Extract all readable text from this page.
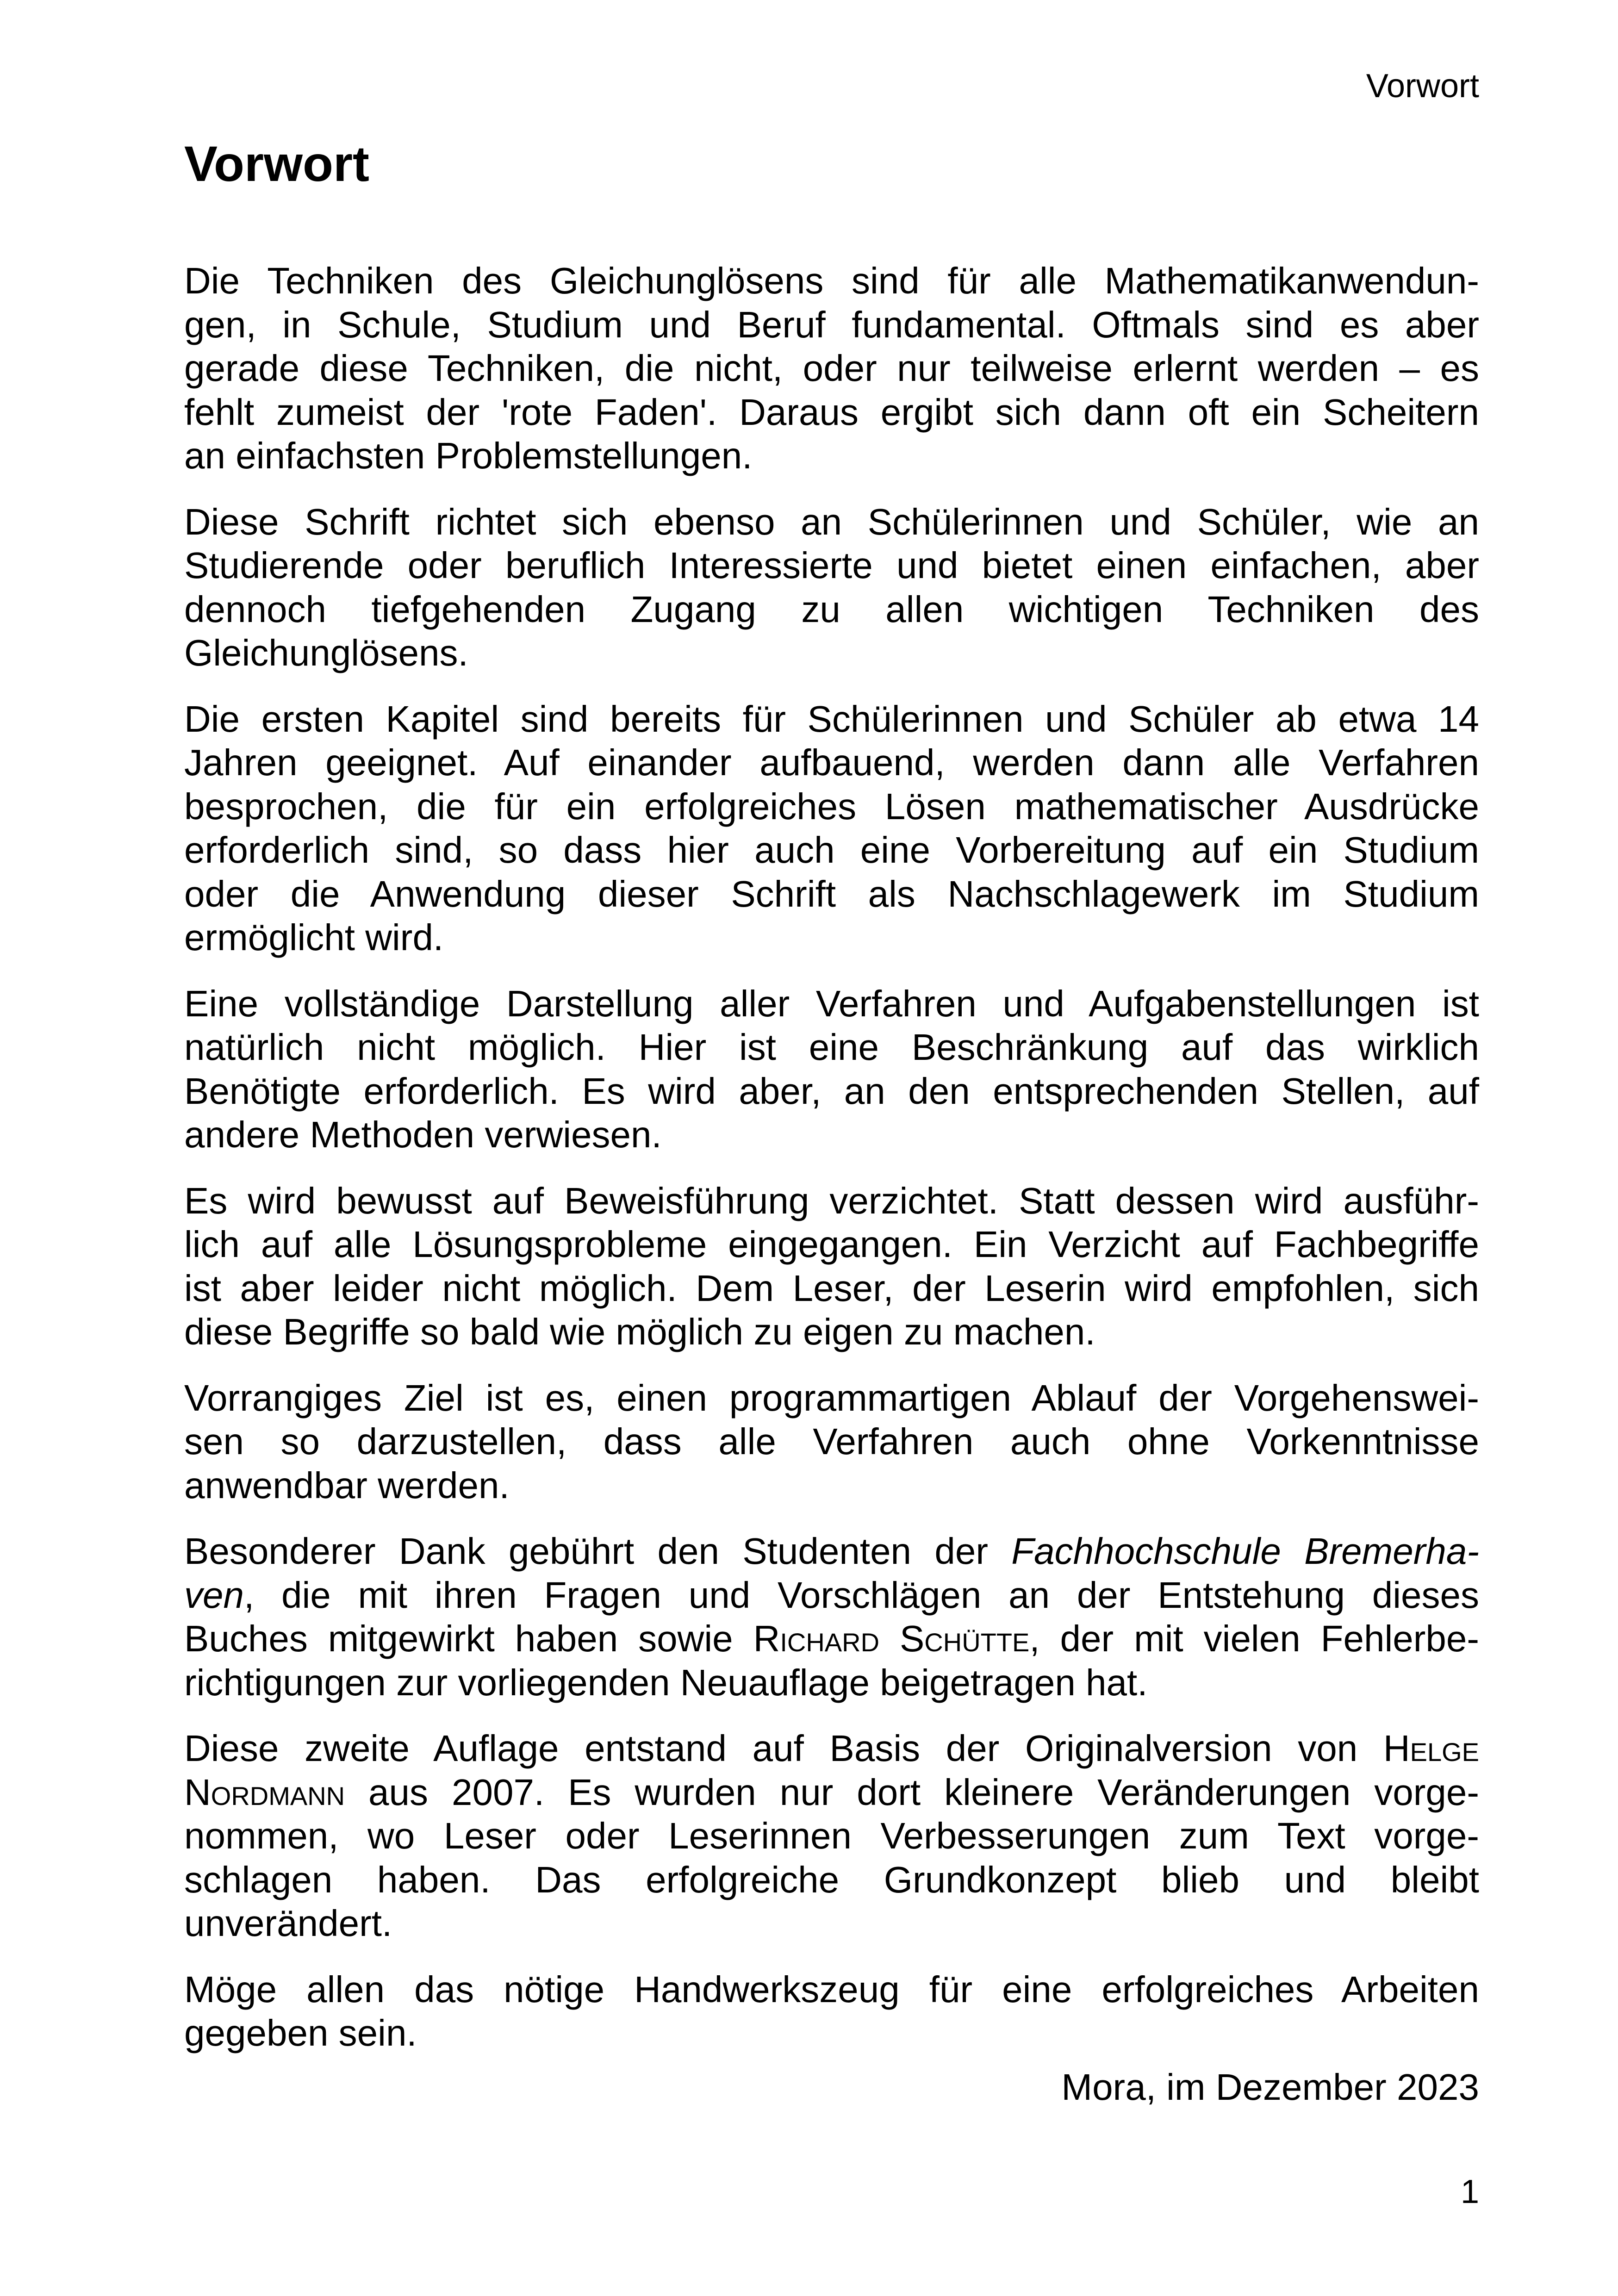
Vorwort
Vorwort

Die Techniken des Gleichunglösens sind für alle Mathematikanwendun-
gen, in Schule, Studium und Beruf fundamental. Oftmals sind es aber
gerade diese Techniken, die nicht, oder nur teilweise erlernt werden – es
fehlt zumeist der 'rote Faden'. Daraus ergibt sich dann oft ein Scheitern
an einfachsten Problemstellungen.

Diese Schrift richtet sich ebenso an Schülerinnen und Schüler, wie an
Studierende oder beruflich Interessierte und bietet einen einfachen, aber
dennoch tiefgehenden Zugang zu allen wichtigen Techniken des
Gleichunglösens.

Die ersten Kapitel sind bereits für Schülerinnen und Schüler ab etwa 14
Jahren geeignet. Auf einander aufbauend, werden dann alle Verfahren
besprochen, die für ein erfolgreiches Lösen mathematischer Ausdrücke
erforderlich sind, so dass hier auch eine Vorbereitung auf ein Studium
oder die Anwendung dieser Schrift als Nachschlagewerk im Studium
ermöglicht wird.

Eine vollständige Darstellung aller Verfahren und Aufgabenstellungen ist
natürlich nicht möglich. Hier ist eine Beschränkung auf das wirklich
Benötigte erforderlich. Es wird aber, an den entsprechenden Stellen, auf
andere Methoden verwiesen.

Es wird bewusst auf Beweisführung verzichtet. Statt dessen wird ausführ-
lich auf alle Lösungsprobleme eingegangen. Ein Verzicht auf Fachbegriffe
ist aber leider nicht möglich. Dem Leser, der Leserin wird empfohlen, sich
diese Begriffe so bald wie möglich zu eigen zu machen.

Vorrangiges Ziel ist es, einen programmartigen Ablauf der Vorgehenswei-
sen so darzustellen, dass alle Verfahren auch ohne Vorkenntnisse
anwendbar werden.

Besonderer Dank gebührt den Studenten der Fachhochschule Bremerha-
ven, die mit ihren Fragen und Vorschlägen an der Entstehung dieses
Buches mitgewirkt haben sowie Richard Schütte, der mit vielen Fehlerbe-
richtigungen zur vorliegenden Neuauflage beigetragen hat.

Diese zweite Auflage entstand auf Basis der Originalversion von Helge
Nordmann aus 2007. Es wurden nur dort kleinere Veränderungen vorge-
nommen, wo Leser oder Leserinnen Verbesserungen zum Text vorge-
schlagen haben. Das erfolgreiche Grundkonzept blieb und bleibt
unverändert.

Möge allen das nötige Handwerkszeug für eine erfolgreiches Arbeiten
gegeben sein.

Mora, im Dezember 2023
1
